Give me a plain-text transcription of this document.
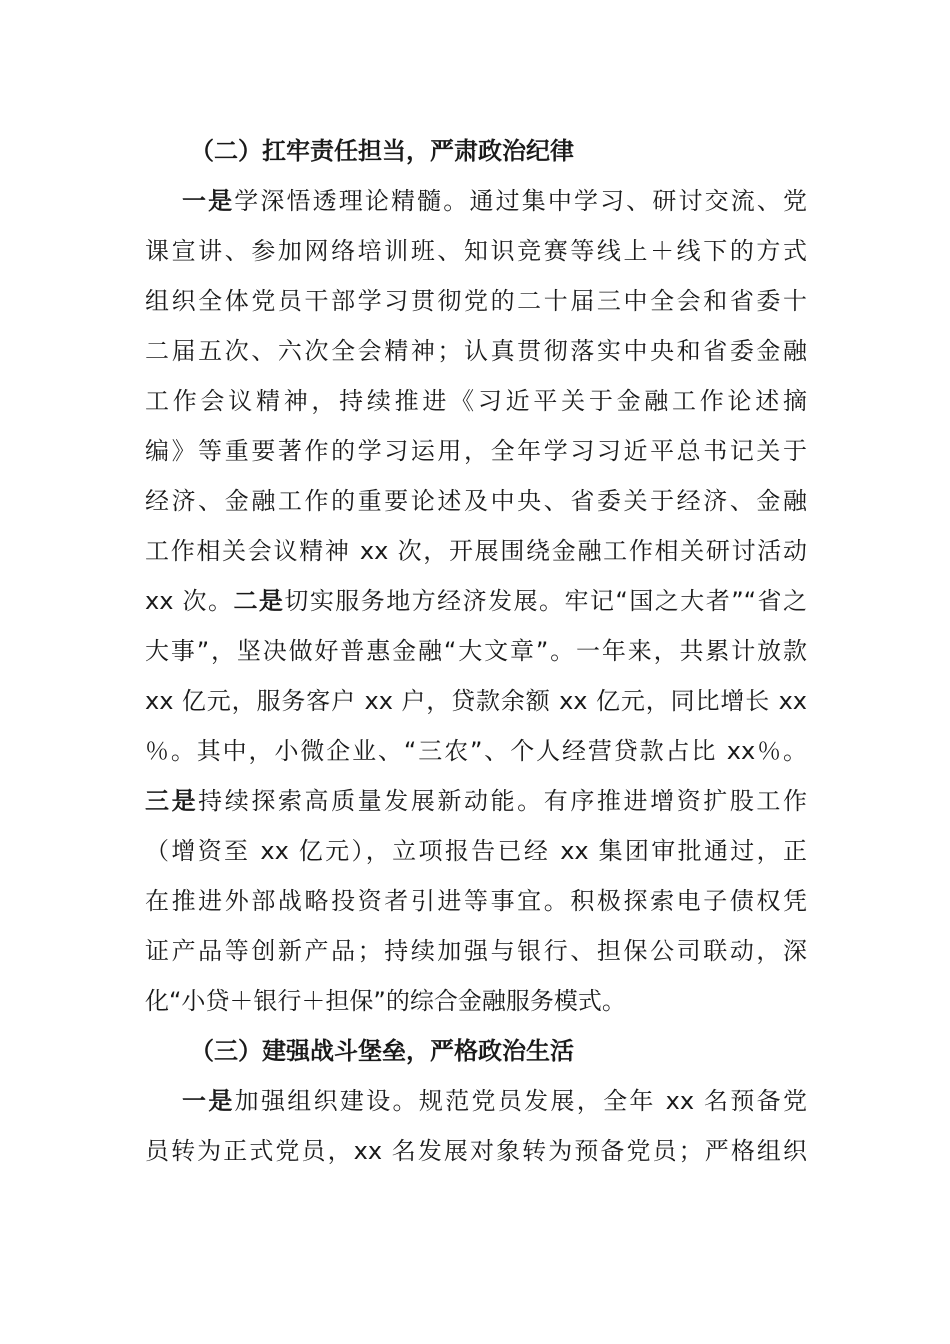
（二）扛牢责任担当，严肃政治纪律
一是学深悟透理论精髓。通过集中学习、研讨交流、党
课宣讲、参加网络培训班、知识竞赛等线上＋线下的方式
组织全体党员干部学习贯彻党的二十届三中全会和省委十
二届五次、六次全会精神；认真贯彻落实中央和省委金融
工作会议精神，持续推进《习近平关于金融工作论述摘
编》等重要著作的学习运用，全年学习习近平总书记关于
经济、金融工作的重要论述及中央、省委关于经济、金融
工作相关会议精神 xx 次，开展围绕金融工作相关研讨活动
xx 次。二是切实服务地方经济发展。牢记“国之大者”“省之
大事”，坚决做好普惠金融“大文章”。一年来，共累计放款
xx 亿元，服务客户 xx 户，贷款余额 xx 亿元，同比增长 xx
％。其中，小微企业、“三农”、个人经营贷款占比 xx％。
三是持续探索高质量发展新动能。有序推进增资扩股工作
（增资至 xx 亿元），立项报告已经 xx 集团审批通过，正
在推进外部战略投资者引进等事宜。积极探索电子债权凭
证产品等创新产品；持续加强与银行、担保公司联动，深
化“小贷＋银行＋担保”的综合金融服务模式。
（三）建强战斗堡垒，严格政治生活
一是加强组织建设。规范党员发展，全年 xx 名预备党
员转为正式党员，xx 名发展对象转为预备党员；严格组织
